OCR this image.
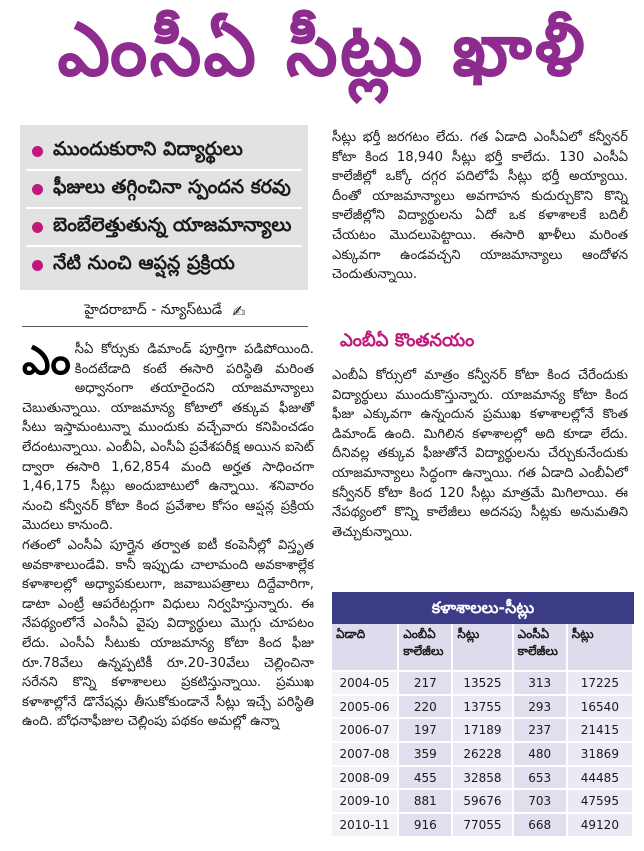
ఎంసీఏ సీట్లు ఖాళీ
ముందుకురాని విద్యార్థులు
ఫీజులు తగ్గించినా స్పందన కరవు
బెంబేలెత్తుతున్న యాజమాన్యాలు
నేటి నుంచి ఆప్షన్ల ప్రక్రియ
హైదరాబాద్ - న్యూస్‌టుడే ✍
ఎం సీఏ కోర్సుకు డిమాండ్ పూర్తిగా పడిపోయింది. కిందటేడాది కంటే ఈసారి పరిస్థితి మరింత అధ్వానంగా తయారైందని యాజమాన్యాలు చెబుతున్నాయి. యాజమాన్య కోటాలో తక్కువ ఫీజుతో సీటు ఇస్తామంటున్నా ముందుకు వచ్చేవారు కనిపించడం లేదంటున్నాయి. ఎంబీఏ, ఎంసీఏ ప్రవేశపరీక్ష అయిన ఐసెట్ ద్వారా ఈసారి 1,62,854 మంది అర్హత సాధించగా 1,46,175 సీట్లు అందుబాటులో ఉన్నాయి. శనివారం నుంచి కన్వీనర్ కోటా కింద ప్రవేశాల కోసం ఆప్షన్ల ప్రక్రియ మొదలు కానుంది.

గతంలో ఎంసీఏ పూర్తైన తర్వాత ఐటీ కంపెనీల్లో విస్తృత అవకాశాలుండేవి. కానీ ఇప్పుడు చాలామంది అవకాశాల్లేక కళాశాలల్లో అధ్యాపకులుగా, జవాబుపత్రాలు దిద్దేవారిగా, డాటా ఎంట్రీ ఆపరేటర్లుగా విధులు నిర్వహిస్తున్నారు. ఈ నేపథ్యంలోనే ఎంసీఏ వైపు విద్యార్థులు మొగ్గు చూపటం లేదు. ఎంసీఏ సీటుకు యాజమాన్య కోటా కింద ఫీజు రూ.78వేలు ఉన్నప్పటికీ రూ.20-30వేలు చెల్లించినా సరేనని కొన్ని కళాశాలలు ప్రకటిస్తున్నాయి. ప్రముఖ కళాశాల్లోనే డొనేషన్లు తీసుకోకుండానే సీట్లు ఇచ్చే పరిస్థితి ఉంది. బోధనాఫీజుల చెల్లింపు పథకం అమల్లో ఉన్నా

సీట్లు భర్తీ జరగటం లేదు. గత ఏడాది ఎంసీఏలో కన్వీనర్ కోటా కింద 18,940 సీట్లు భర్తీ కాలేదు. 130 ఎంసీఏ కాలేజీల్లో ఒక్కో దగ్గర పదిలోపే సీట్లు భర్తీ అయ్యాయి. దీంతో యాజమాన్యాలు అవగాహన కుదుర్చుకొని కొన్ని కాలేజీల్లోని విద్యార్థులను ఏదో ఒక కళాశాలకే బదిలీ చేయటం మొదలుపెట్టాయి. ఈసారి ఖాళీలు మరింత ఎక్కువగా ఉండవచ్చని యాజమాన్యాలు ఆందోళన చెందుతున్నాయి.

ఎంబీఏ కొంతనయం

ఎంబీఏ కోర్సులో మాత్రం కన్వీనర్ కోటా కింద చేరేందుకు విద్యార్థులు ముందుకొస్తున్నారు. యాజమాన్య కోటా కింద ఫీజు ఎక్కువగా ఉన్నందున ప్రముఖ కళాశాలల్లోనే కొంత డిమాండ్ ఉంది. మిగిలిన కళాశాలల్లో అది కూడా లేదు. దీనివల్ల తక్కువ ఫీజుతోనే విద్యార్థులను చేర్చుకునేందుకు యాజమాన్యాలు సిద్ధంగా ఉన్నాయి. గత ఏడాది ఎంబీఏలో కన్వీనర్ కోటా కింద 120 సీట్లు మాత్రమే మిగిలాయి. ఈ నేపథ్యంలో కొన్ని కాలేజీలు అదనపు సీట్లకు అనుమతిని తెచ్చుకున్నాయి.

కళాశాలలు-సీట్లు
ఏడాది	ఎంబీఏ కాలేజీలు	సీట్లు	ఎంసీఏ కాలేజీలు	సీట్లు
2004-05	217	13525	313	17225
2005-06	220	13755	293	16540
2006-07	197	17189	237	21415
2007-08	359	26228	480	31869
2008-09	455	32858	653	44485
2009-10	881	59676	703	47595
2010-11	916	77055	668	49120
